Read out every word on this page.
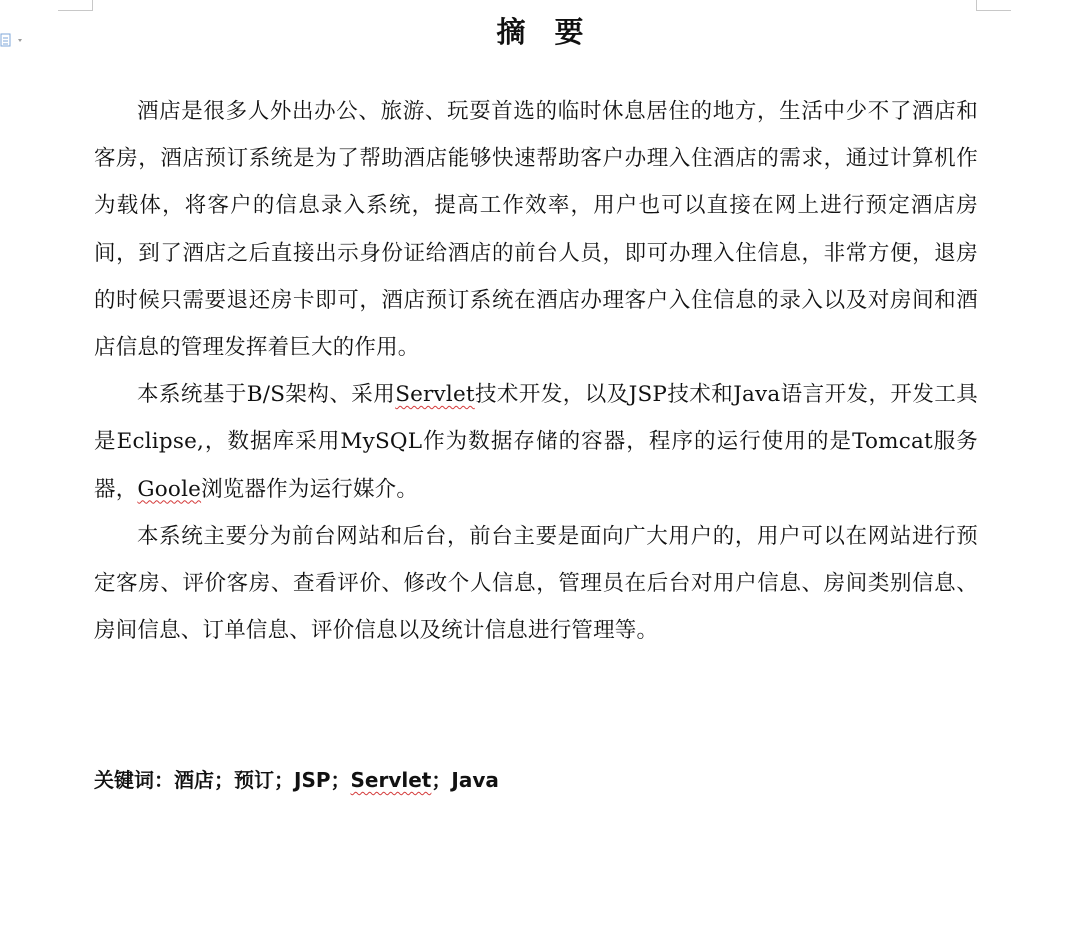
摘 要

酒店是很多人外出办公、旅游、玩耍首选的临时休息居住的地方，生活中少不了酒店和客房，酒店预订系统是为了帮助酒店能够快速帮助客户办理入住酒店的需求，通过计算机作为载体，将客户的信息录入系统，提高工作效率，用户也可以直接在网上进行预定酒店房间，到了酒店之后直接出示身份证给酒店的前台人员，即可办理入住信息，非常方便，退房的时候只需要退还房卡即可，酒店预订系统在酒店办理客户入住信息的录入以及对房间和酒店信息的管理发挥着巨大的作用。

本系统基于B/S架构、采用Servlet技术开发，以及JSP技术和Java语言开发，开发工具是Eclipse,，数据库采用MySQL作为数据存储的容器，程序的运行使用的是Tomcat服务器，Goole浏览器作为运行媒介。

本系统主要分为前台网站和后台，前台主要是面向广大用户的，用户可以在网站进行预定客房、评价客房、查看评价、修改个人信息，管理员在后台对用户信息、房间类别信息、房间信息、订单信息、评价信息以及统计信息进行管理等。

关键词：酒店；预订；JSP；Servlet；Java
